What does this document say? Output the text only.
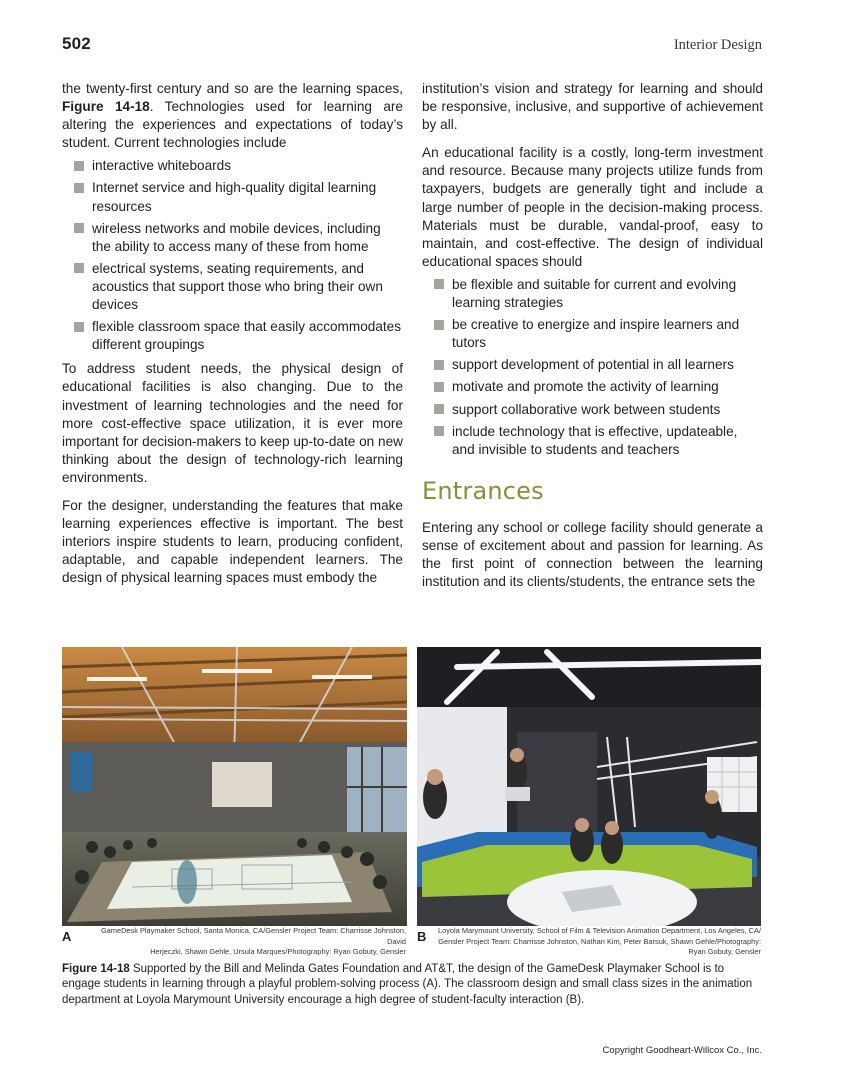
502	Interior Design

the twenty-first century and so are the learning spaces, Figure 14-18. Technologies used for learning are altering the experiences and expectations of today’s student. Current technologies include

interactive whiteboards
Internet service and high-quality digital learning resources
wireless networks and mobile devices, including the ability to access many of these from home
electrical systems, seating requirements, and acoustics that support those who bring their own devices
flexible classroom space that easily accommodates different groupings

To address student needs, the physical design of educational facilities is also changing. Due to the investment of learning technologies and the need for more cost-effective space utilization, it is ever more important for decision-makers to keep up-to-date on new thinking about the design of technology-rich learning environments.

For the designer, understanding the features that make learning experiences effective is important. The best interiors inspire students to learn, producing confident, adaptable, and capable independent learners. The design of physical learning spaces must embody the

institution’s vision and strategy for learning and should be responsive, inclusive, and supportive of achievement by all.

An educational facility is a costly, long-term investment and resource. Because many projects utilize funds from taxpayers, budgets are generally tight and include a large number of people in the decision-making process. Materials must be durable, vandal-proof, easy to maintain, and cost-effective. The design of individual educational spaces should

be flexible and suitable for current and evolving learning strategies
be creative to energize and inspire learners and tutors
support development of potential in all learners
motivate and promote the activity of learning
support collaborative work between students
include technology that is effective, updateable, and invisible to students and teachers
Entrances

Entering any school or college facility should generate a sense of excitement about and passion for learning. As the first point of connection between the learning institution and its clients/students, the entrance sets the

A	GameDesk Playmaker School, Santa Monica, CA/Gensler Project Team: Charrisse Johnston, David
Herjeczki, Shawn Gehle, Ursula Marques/Photography: Ryan Gobuty, Gensler
B Loyola Marymount University, School of Film & Television Animation Department, Los Angeles, CA/
Gensler Project Team: Charrisse Johnston, Nathan Kim, Peter Barsuk, Shawn Gehle/Photography:
Ryan Gobuty, Gensler
Figure 14-18 Supported by the Bill and Melinda Gates Foundation and AT&T, the design of the GameDesk Playmaker School is to engage students in learning through a playful problem-solving process (A). The classroom design and small class sizes in the animation department at Loyola Marymount University encourage a high degree of student-faculty interaction (B).
Copyright Goodheart-Willcox Co., Inc.
